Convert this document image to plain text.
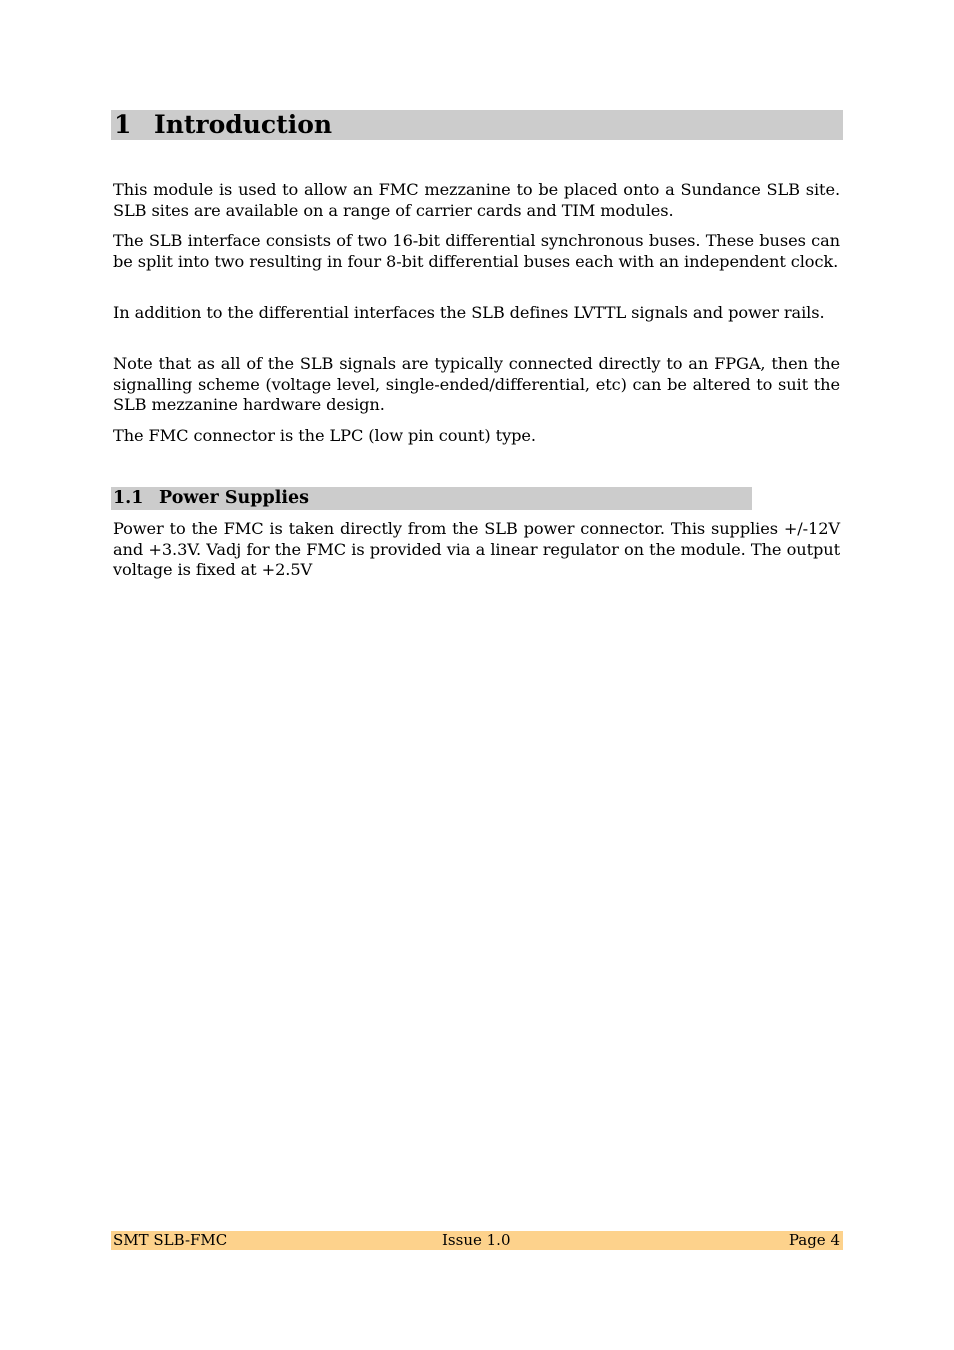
1 Introduction

This module is used to allow an FMC mezzanine to be placed onto a Sundance SLB site. SLB sites are available on a range of carrier cards and TIM modules.

The SLB interface consists of two 16-bit differential synchronous buses. These buses can be split into two resulting in four 8-bit differential buses each with an independent clock.

In addition to the differential interfaces the SLB defines LVTTL signals and power rails.

Note that as all of the SLB signals are typically connected directly to an FPGA, then the signalling scheme (voltage level, single-ended/differential, etc) can be altered to suit the SLB mezzanine hardware design.

The FMC connector is the LPC (low pin count) type.

1.1 Power Supplies

Power to the FMC is taken directly from the SLB power connector. This supplies +/-12V and +3.3V. Vadj for the FMC is provided via a linear regulator on the module. The output voltage is fixed at +2.5V

SMT SLB-FMC	Issue 1.0	Page 4
